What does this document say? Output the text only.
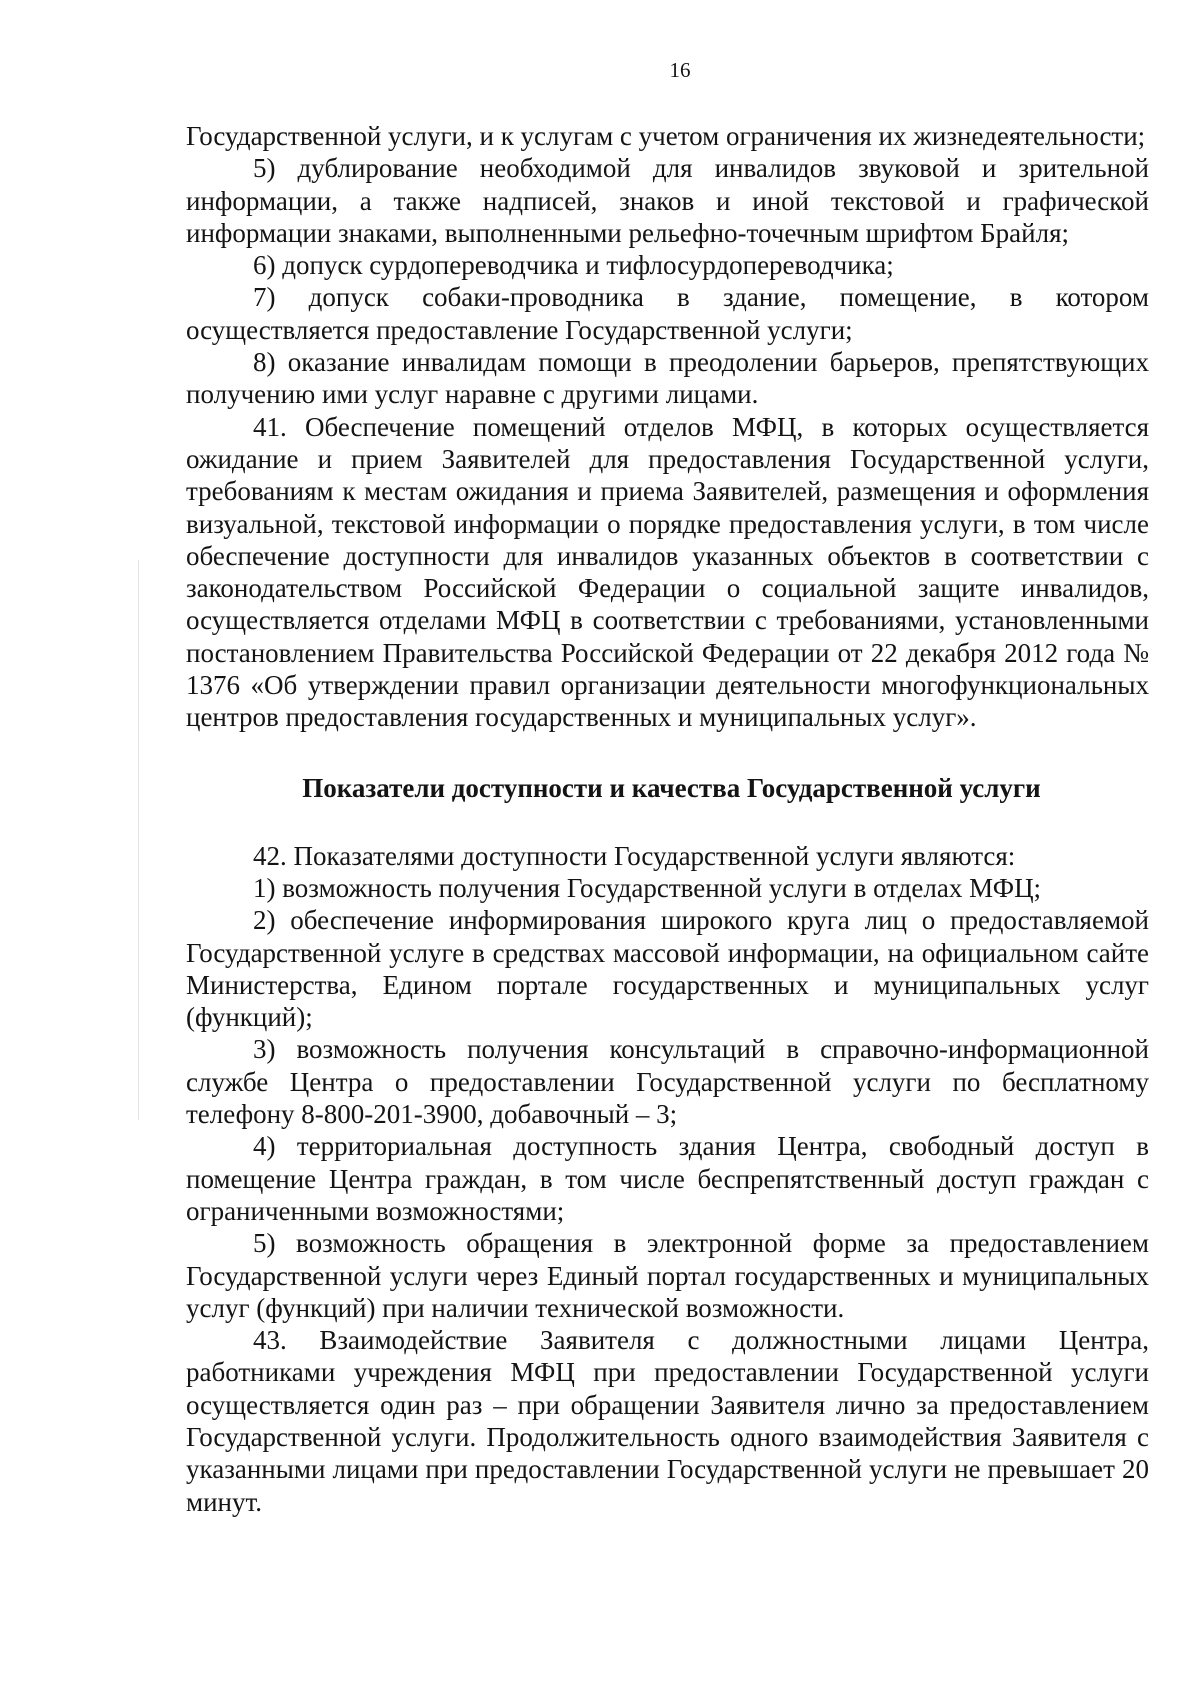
16

Государственной услуги, и к услугам с учетом ограничения их жизнедеятельности;

5) дублирование необходимой для инвалидов звуковой и зрительной информации, а также надписей, знаков и иной текстовой и графической информации знаками, выполненными рельефно-точечным шрифтом Брайля;

6) допуск сурдопереводчика и тифлосурдопереводчика;

7) допуск собаки-проводника в здание, помещение, в котором осуществляется предоставление Государственной услуги;

8) оказание инвалидам помощи в преодолении барьеров, препятствующих получению ими услуг наравне с другими лицами.

41. Обеспечение помещений отделов МФЦ, в которых осуществляется ожидание и прием Заявителей для предоставления Государственной услуги, требованиям к местам ожидания и приема Заявителей, размещения и оформления визуальной, текстовой информации о порядке предоставления услуги, в том числе обеспечение доступности для инвалидов указанных объектов в соответствии с законодательством Российской Федерации о социальной защите инвалидов, осуществляется отделами МФЦ в соответствии с требованиями, установленными постановлением Правительства Российской Федерации от 22 декабря 2012 года № 1376 «Об утверждении правил организации деятельности многофункциональных центров предоставления государственных и муниципальных услуг».

Показатели доступности и качества Государственной услуги

42. Показателями доступности Государственной услуги являются:

1) возможность получения Государственной услуги в отделах МФЦ;

2) обеспечение информирования широкого круга лиц о предоставляемой Государственной услуге в средствах массовой информации, на официальном сайте Министерства, Едином портале государственных и муниципальных услуг (функций);

3) возможность получения консультаций в справочно-информационной службе Центра о предоставлении Государственной услуги по бесплатному телефону 8-800-201-3900, добавочный – 3;

4) территориальная доступность здания Центра, свободный доступ в помещение Центра граждан, в том числе беспрепятственный доступ граждан с ограниченными возможностями;

5) возможность обращения в электронной форме за предоставлением Государственной услуги через Единый портал государственных и муниципальных услуг (функций) при наличии технической возможности.

43. Взаимодействие Заявителя с должностными лицами Центра, работниками учреждения МФЦ при предоставлении Государственной услуги осуществляется один раз – при обращении Заявителя лично за предоставлением Государственной услуги. Продолжительность одного взаимодействия Заявителя с указанными лицами при предоставлении Государственной услуги не превышает 20 минут.
